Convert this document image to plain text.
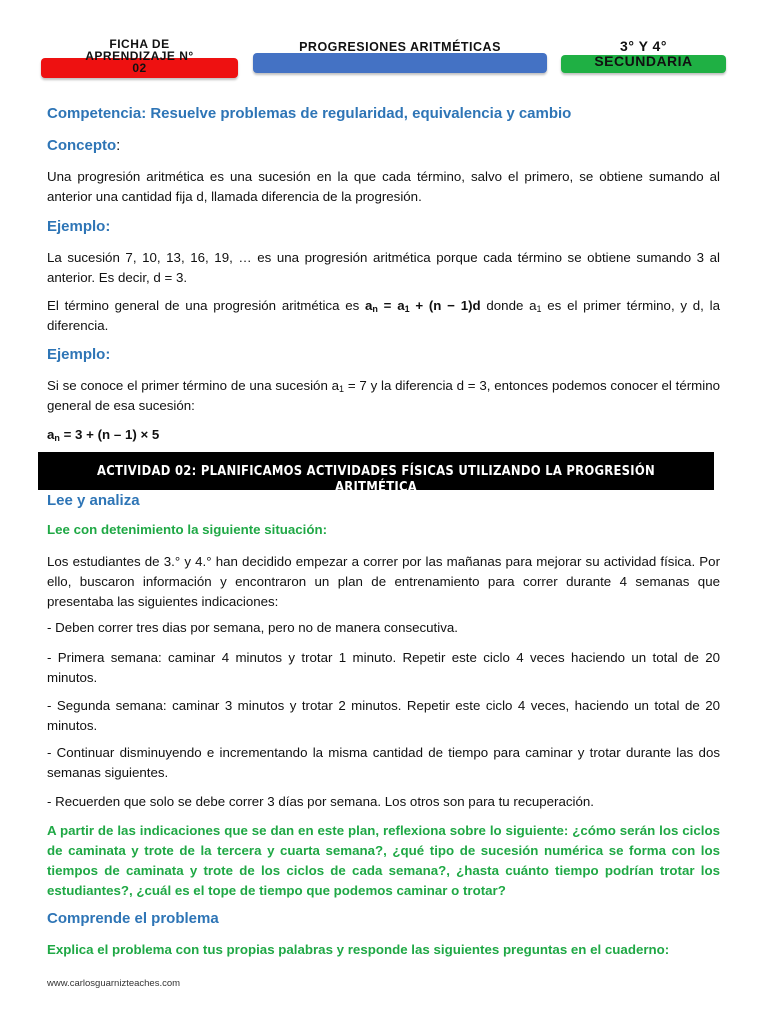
FICHA DE
APRENDIZAJE N°
02
PROGRESIONES ARITMÉTICAS	3° Y 4°
SECUNDARIA
Competencia: Resuelve problemas de regularidad, equivalencia y cambio
Concepto:
Una progresión aritmética es una sucesión en la que cada término, salvo el primero, se obtiene sumando al anterior una cantidad fija d, llamada diferencia de la progresión.
Ejemplo:
La sucesión 7, 10, 13, 16, 19, … es una progresión aritmética porque cada término se obtiene sumando 3 al anterior. Es decir, d = 3.
El término general de una progresión aritmética es $a_n = a_1 + (n - 1)d$ donde $a_1$ es el primer término, y d, la diferencia.
Ejemplo:
Si se conoce el primer término de una sucesión $a_1 = 7$ y la diferencia d = 3, entonces podemos conocer el término general de esa sucesión:
$a_n = 3 + (n - 1) \times 5$
ACTIVIDAD 02: PLANIFICAMOS ACTIVIDADES FÍSICAS UTILIZANDO LA PROGRESIÓN ARITMÉTICA
Lee y analiza
Lee con detenimiento la siguiente situación:
Los estudiantes de 3.° y 4.° han decidido empezar a correr por las mañanas para mejorar su actividad física. Por ello, buscaron información y encontraron un plan de entrenamiento para correr durante 4 semanas que presentaba las siguientes indicaciones:
- Deben correr tres dias por semana, pero no de manera consecutiva.
- Primera semana: caminar 4 minutos y trotar 1 minuto. Repetir este ciclo 4 veces haciendo un total de 20 minutos.
- Segunda semana: caminar 3 minutos y trotar 2 minutos. Repetir este ciclo 4 veces, haciendo un total de 20 minutos.
- Continuar disminuyendo e incrementando la misma cantidad de tiempo para caminar y trotar durante las dos semanas siguientes.
- Recuerden que solo se debe correr 3 días por semana. Los otros son para tu recuperación.
A partir de las indicaciones que se dan en este plan, reflexiona sobre lo siguiente: ¿cómo serán los ciclos de caminata y trote de la tercera y cuarta semana?, ¿qué tipo de sucesión numérica se forma con los tiempos de caminata y trote de los ciclos de cada semana?, ¿hasta cuánto tiempo podrían trotar los estudiantes?, ¿cuál es el tope de tiempo que podemos caminar o trotar?
Comprende el problema
Explica el problema con tus propias palabras y responde las siguientes preguntas en el cuaderno:
www.carlosguarnizteaches.com
